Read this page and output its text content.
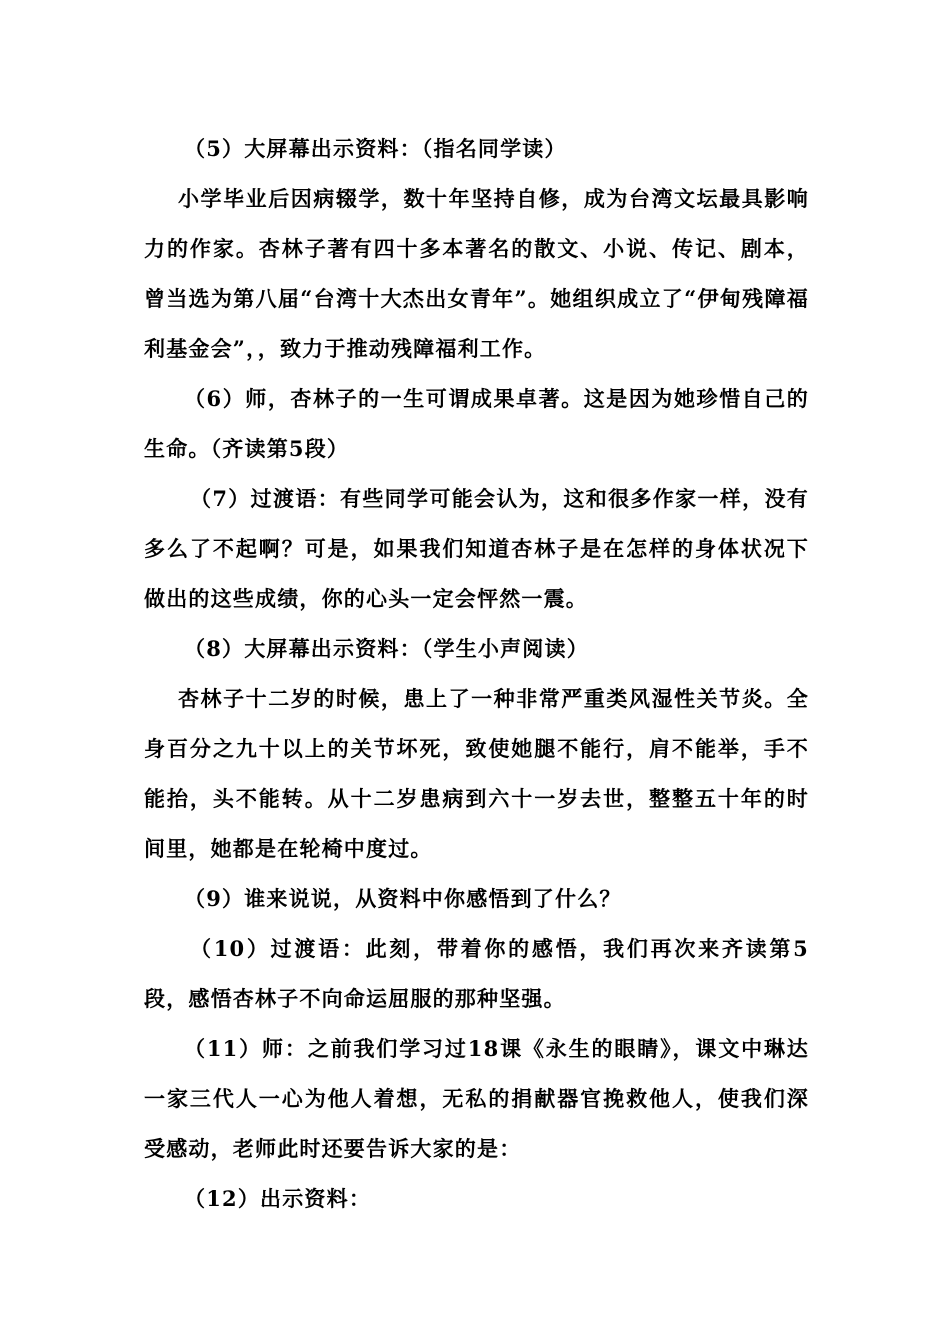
（5）大屏幕出示资料：（指名同学读）

小学毕业后因病辍学，数十年坚持自修，成为台湾文坛最具影响力的作家。杏林子著有四十多本著名的散文、小说、传记、剧本，曾当选为第八届“台湾十大杰出女青年”。她组织成立了“伊甸残障福利基金会”，，致力于推动残障福利工作。

（6）师，杏林子的一生可谓成果卓著。这是因为她珍惜自己的生命。（齐读第5段）

（7）过渡语：有些同学可能会认为，这和很多作家一样，没有多么了不起啊？可是，如果我们知道杏林子是在怎样的身体状况下做出的这些成绩，你的心头一定会怦然一震。

（8）大屏幕出示资料：（学生小声阅读）

杏林子十二岁的时候，患上了一种非常严重类风湿性关节炎。全身百分之九十以上的关节坏死，致使她腿不能行，肩不能举，手不能抬，头不能转。从十二岁患病到六十一岁去世，整整五十年的时间里，她都是在轮椅中度过。

（9）谁来说说，从资料中你感悟到了什么？

（10）过渡语：此刻，带着你的感悟，我们再次来齐读第5段，感悟杏林子不向命运屈服的那种坚强。

（11）师：之前我们学习过18课《永生的眼睛》，课文中琳达一家三代人一心为他人着想，无私的捐献器官挽救他人，使我们深受感动，老师此时还要告诉大家的是：

（12）出示资料：
